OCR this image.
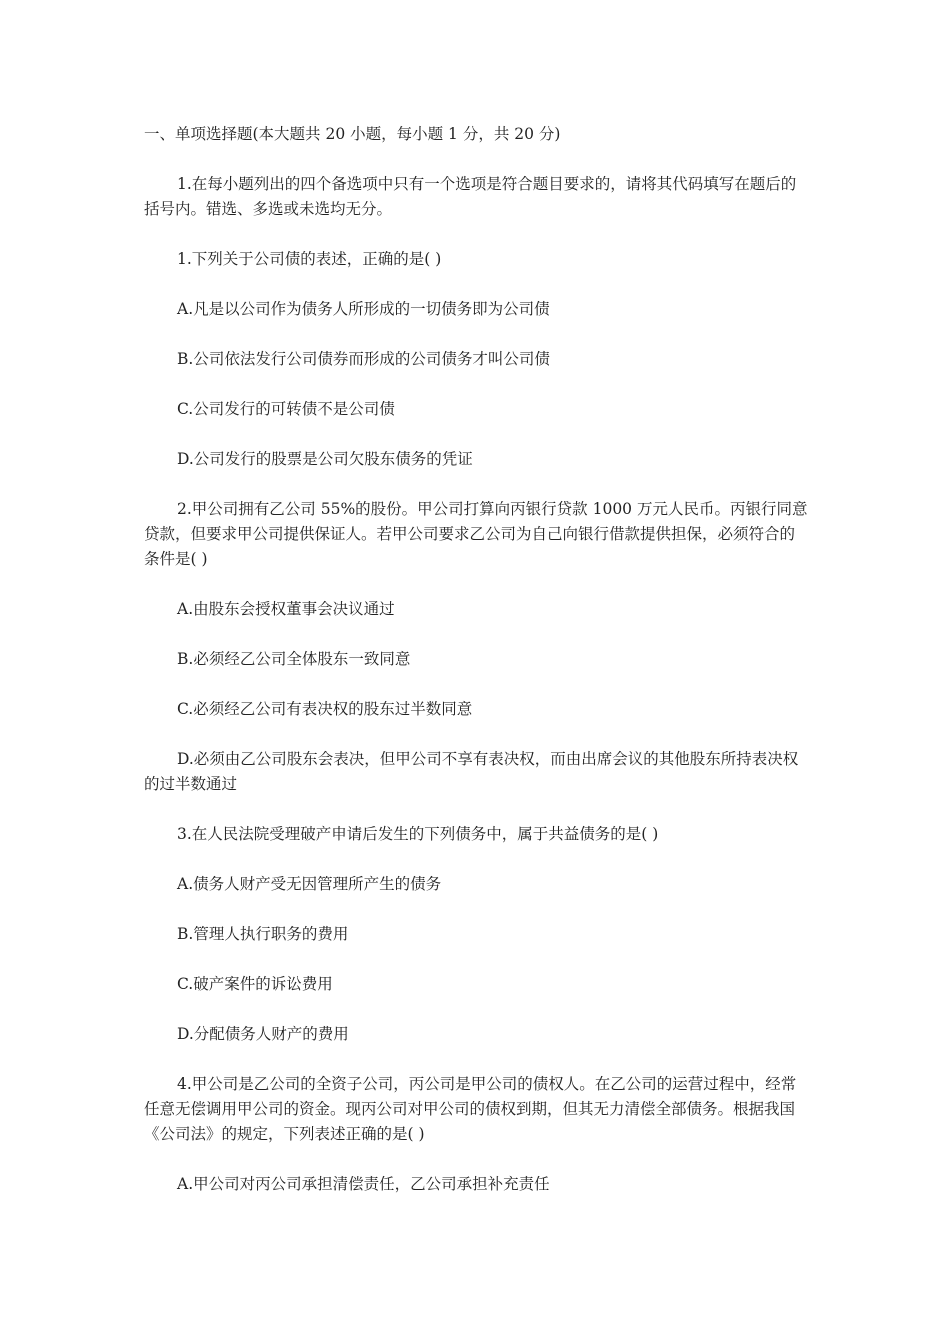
一、单项选择题(本大题共 20 小题，每小题 1 分，共 20 分)

1.在每小题列出的四个备选项中只有一个选项是符合题目要求的，请将其代码填写在题后的括号内。错选、多选或未选均无分。

1.下列关于公司债的表述，正确的是( )

A.凡是以公司作为债务人所形成的一切债务即为公司债

B.公司依法发行公司债券而形成的公司债务才叫公司债

C.公司发行的可转债不是公司债

D.公司发行的股票是公司欠股东债务的凭证

2.甲公司拥有乙公司 55%的股份。甲公司打算向丙银行贷款 1000 万元人民币。丙银行同意贷款，但要求甲公司提供保证人。若甲公司要求乙公司为自己向银行借款提供担保，必须符合的条件是( )

A.由股东会授权董事会决议通过

B.必须经乙公司全体股东一致同意

C.必须经乙公司有表决权的股东过半数同意

D.必须由乙公司股东会表决，但甲公司不享有表决权，而由出席会议的其他股东所持表决权的过半数通过

3.在人民法院受理破产申请后发生的下列债务中，属于共益债务的是( )

A.债务人财产受无因管理所产生的债务

B.管理人执行职务的费用

C.破产案件的诉讼费用

D.分配债务人财产的费用

4.甲公司是乙公司的全资子公司，丙公司是甲公司的债权人。在乙公司的运营过程中，经常任意无偿调用甲公司的资金。现丙公司对甲公司的债权到期，但其无力清偿全部债务。根据我国《公司法》的规定，下列表述正确的是( )

A.甲公司对丙公司承担清偿责任，乙公司承担补充责任
